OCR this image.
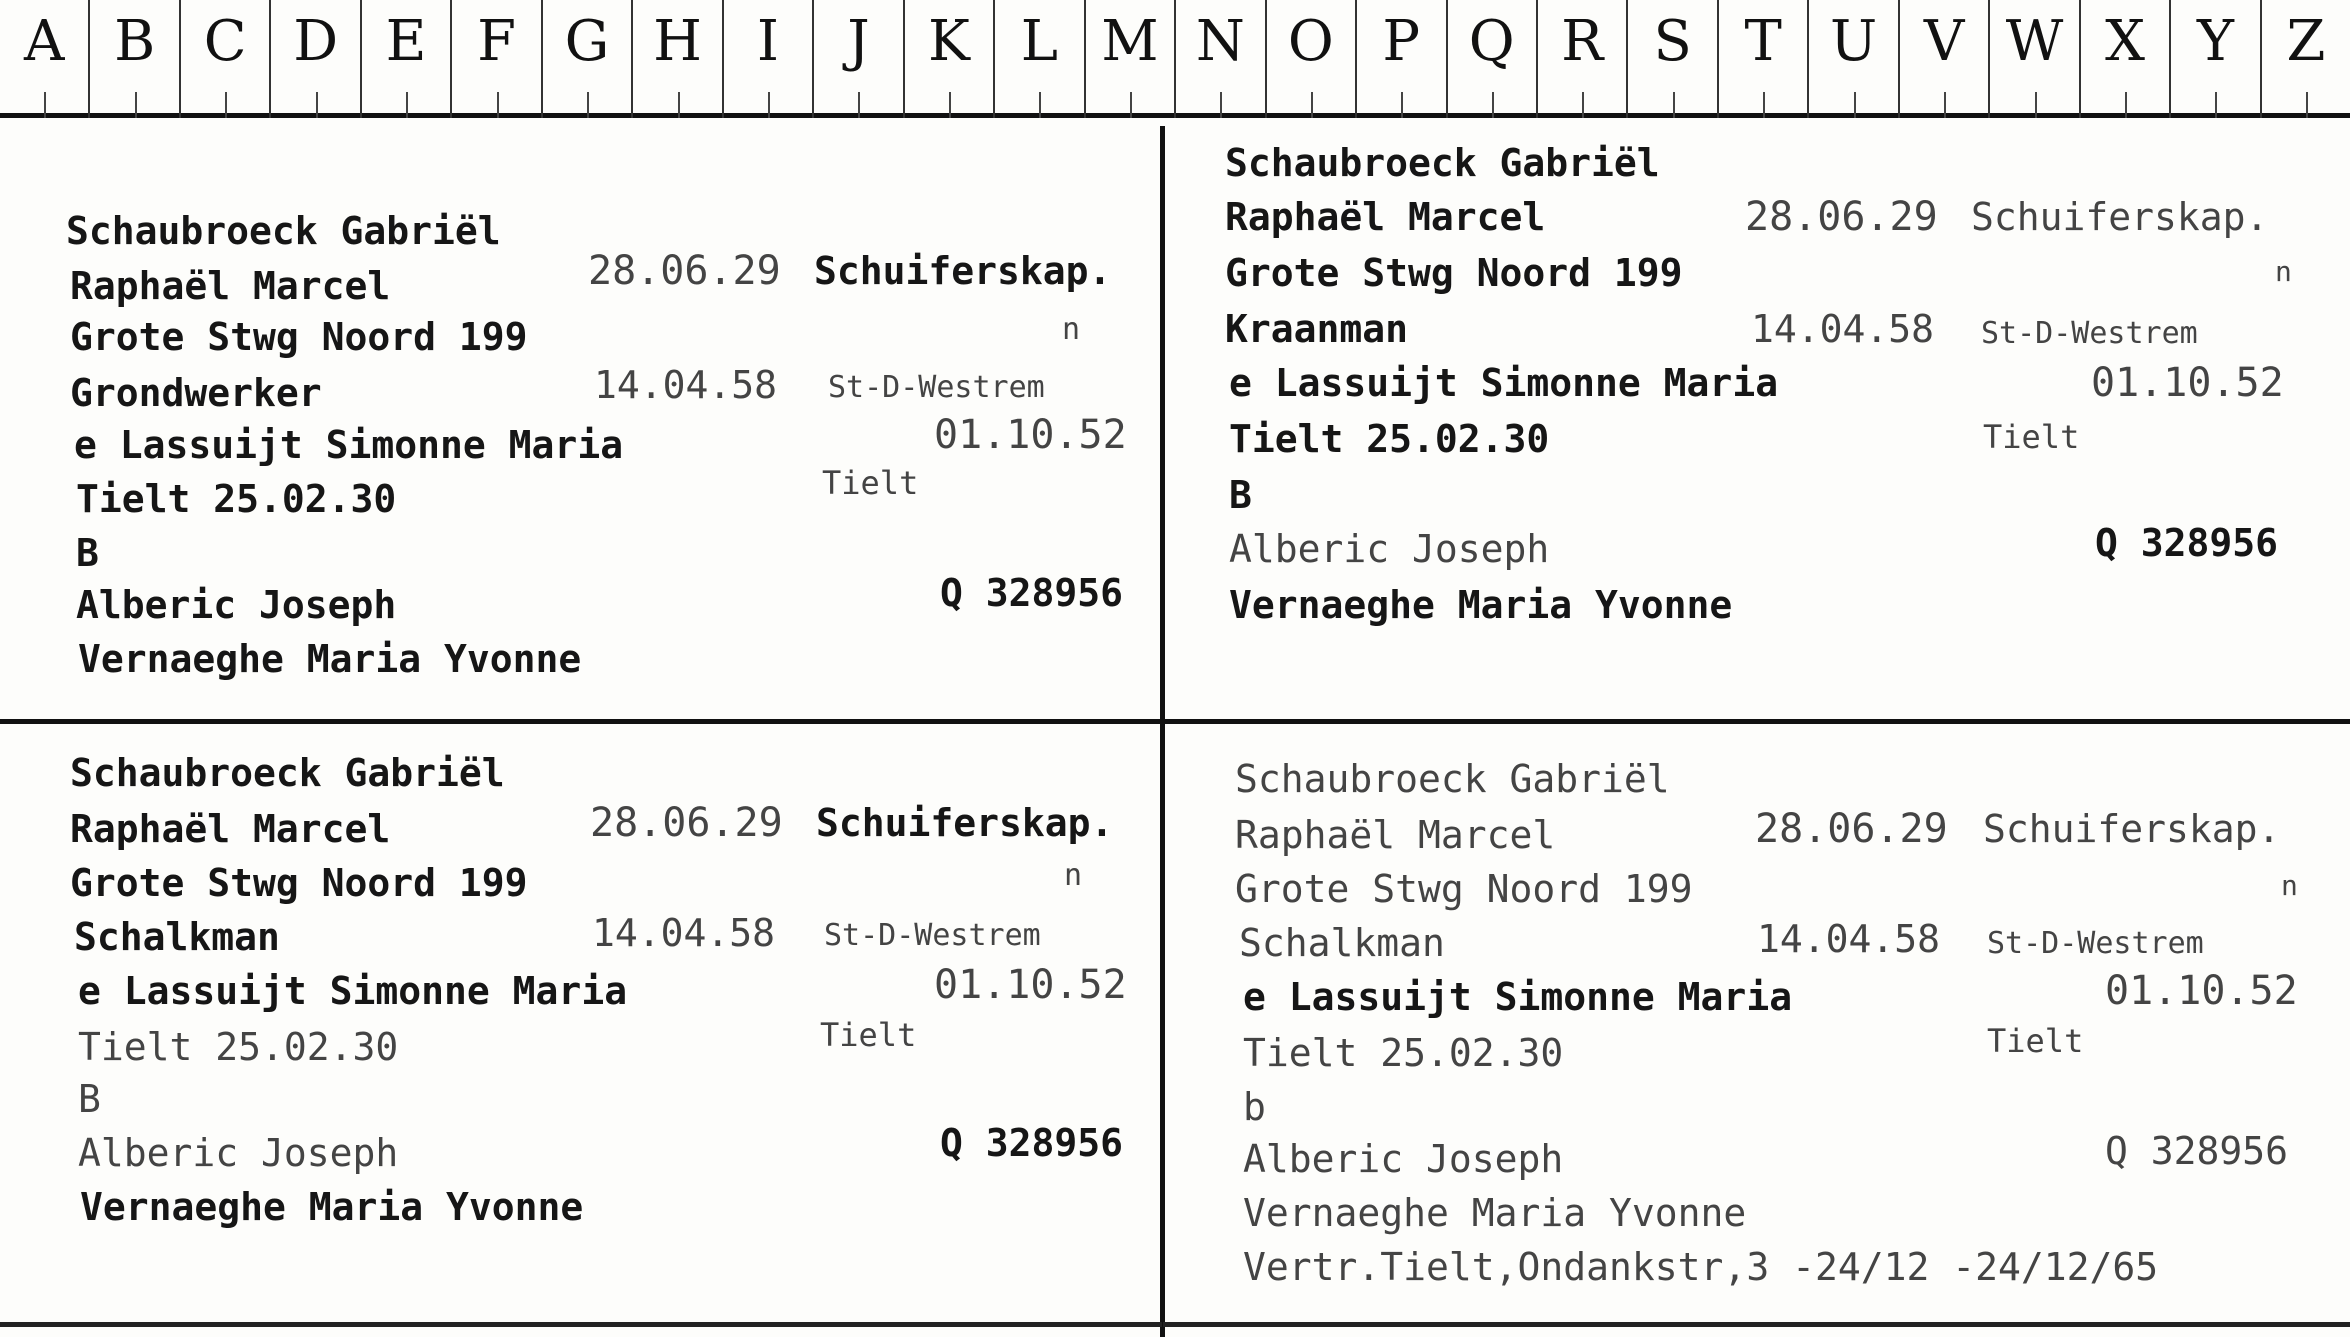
A B C D E F G H I J K L M N O P Q R S T U V W X Y Z
Schaubroeck Gabriël
Raphaël Marcel	28.06.29 Schuiferskap.
Grote Stwg Noord 199	n
Grondwerker	14.04.58 St-D-Westrem
e Lassuijt Simonne Maria	01.10.52
Tielt 25.02.30	Tielt
B
Alberic Joseph	Q 328956
Vernaeghe Maria Yvonne
Schaubroeck Gabriël
Raphaël Marcel	28.06.29 Schuiferskap.
Grote Stwg Noord 199	n
Kraanman	14.04.58 St-D-Westrem
e Lassuijt Simonne Maria	01.10.52
Tielt 25.02.30	Tielt
B
Alberic Joseph	Q 328956
Vernaeghe Maria Yvonne
Schaubroeck Gabriël
Raphaël Marcel	28.06.29 Schuiferskap.
Grote Stwg Noord 199	n
Schalkman	14.04.58 St-D-Westrem
e Lassuijt Simonne Maria	01.10.52
Tielt 25.02.30	Tielt
B
Alberic Joseph	Q 328956
Vernaeghe Maria Yvonne
Schaubroeck Gabriël
Raphaël Marcel	28.06.29 Schuiferskap.
Grote Stwg Noord 199	n
Schalkman	14.04.58 St-D-Westrem
e Lassuijt Simonne Maria	01.10.52
Tielt 25.02.30	Tielt
b
Alberic Joseph	Q 328956
Vernaeghe Maria Yvonne
Vertr.Tielt,Ondankstr,3 -24/12 -24/12/65
